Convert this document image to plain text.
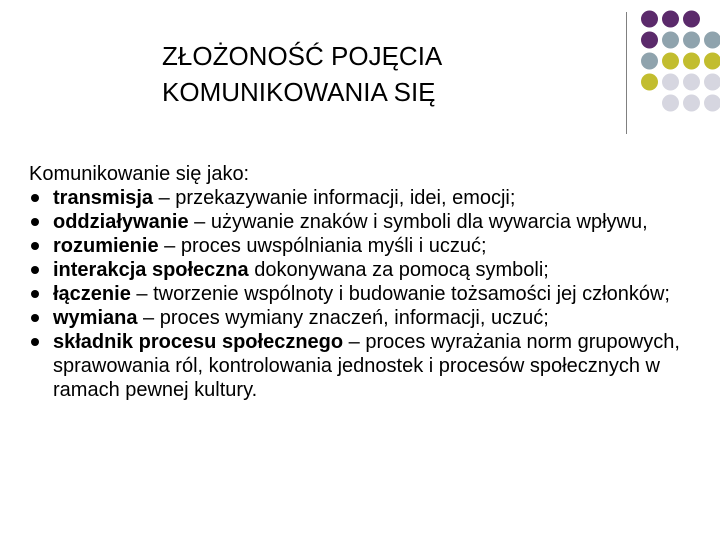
ZŁOŻONOŚĆ POJĘCIA
KOMUNIKOWANIA SIĘ

Komunikowanie się jako:

transmisja – przekazywanie informacji, idei, emocji;
oddziaływanie – używanie znaków i symboli dla wywarcia wpływu,
rozumienie – proces uwspólniania myśli i uczuć;
interakcja społeczna dokonywana za pomocą symboli;
łączenie – tworzenie wspólnoty i budowanie tożsamości jej członków;
wymiana – proces wymiany znaczeń, informacji, uczuć;
składnik procesu społecznego – proces wyrażania norm grupowych, sprawowania ról, kontrolowania jednostek i procesów społecznych w ramach pewnej kultury.
